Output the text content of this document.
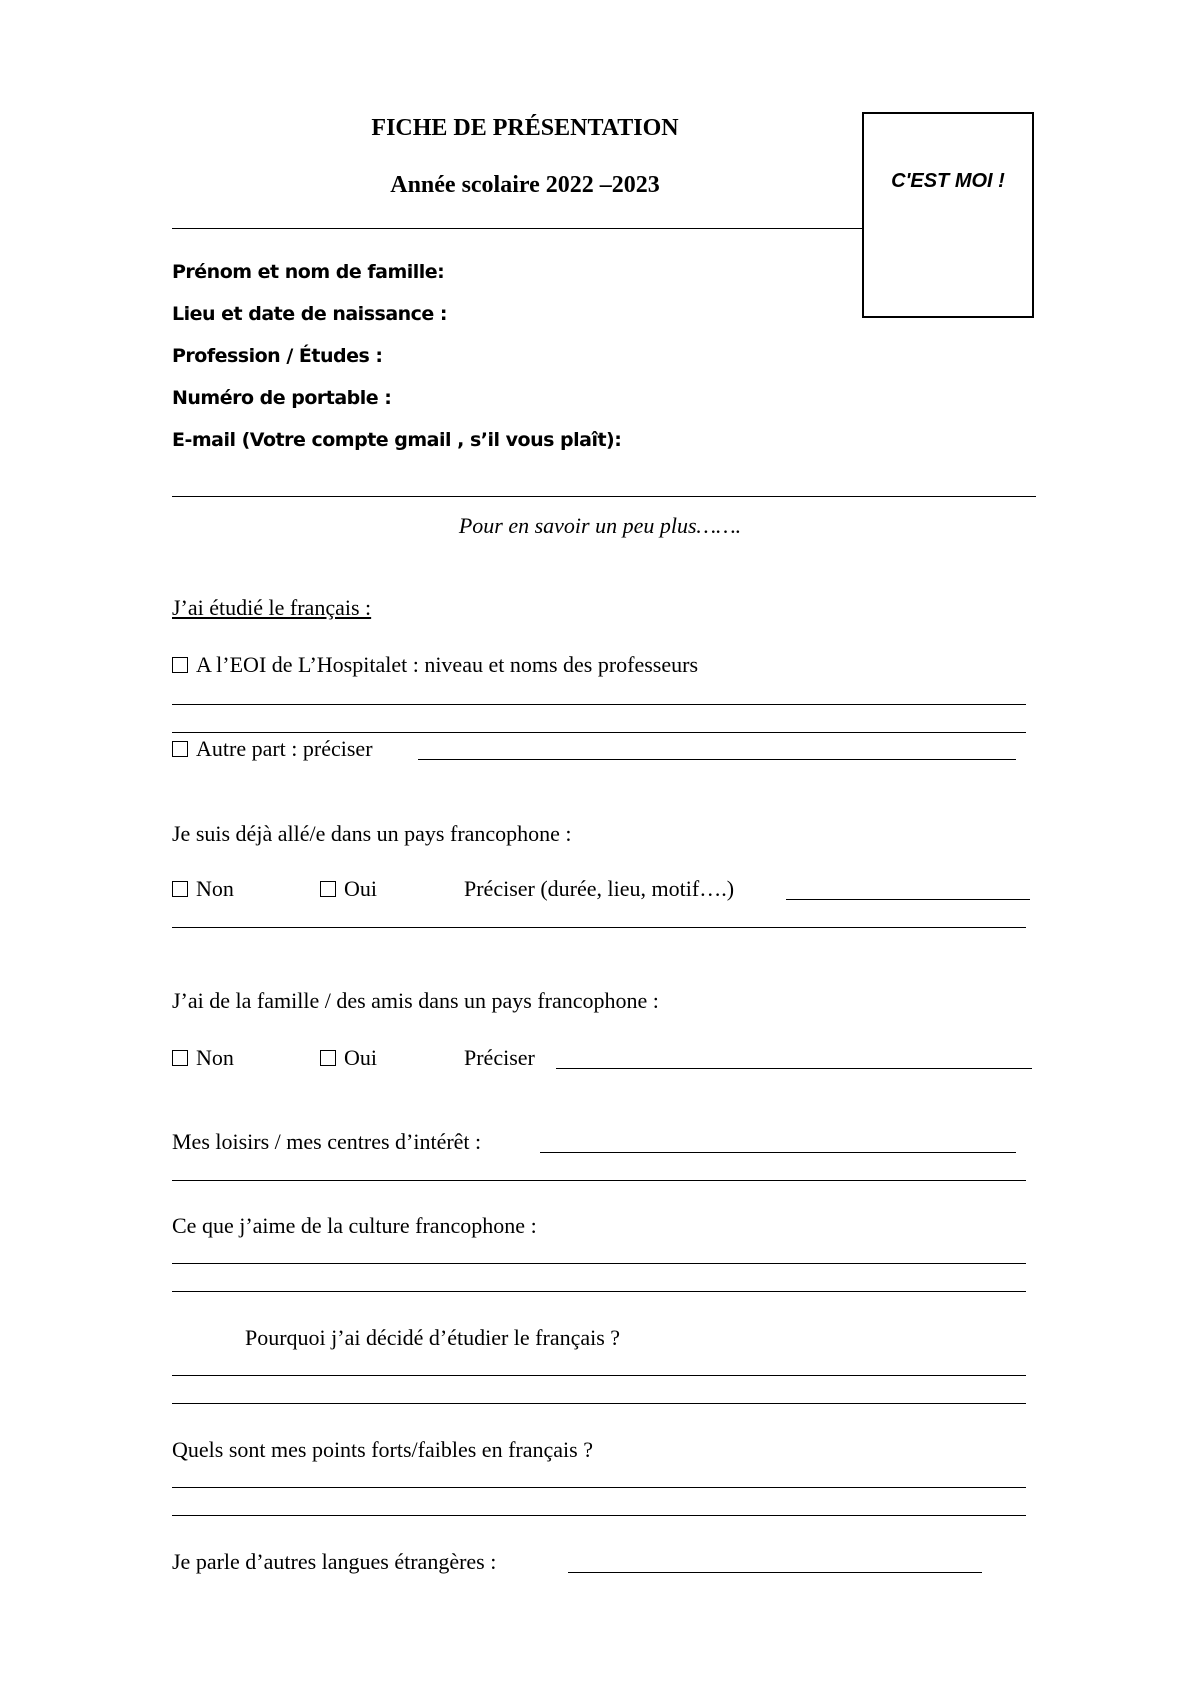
FICHE DE PRÉSENTATION
Année scolaire 2022 –2023	C'EST MOI !
Prénom et nom de famille:
Lieu et date de naissance :
Profession / Études :
Numéro de portable :
E-mail (Votre compte gmail , s’il vous plaît):
Pour en savoir un peu plus…….
J’ai étudié le français :
A l’EOI de L’Hospitalet : niveau et noms des professeurs
Autre part : préciser
Je suis déjà allé/e dans un pays francophone :
Non	Oui	Préciser (durée, lieu, motif….)
J’ai de la famille / des amis dans un pays francophone :
Non	Oui	Préciser
Mes loisirs / mes centres d’intérêt :
Ce que j’aime de la culture francophone :
Pourquoi j’ai décidé d’étudier le français ?
Quels sont mes points forts/faibles en français ?
Je parle d’autres langues étrangères :
